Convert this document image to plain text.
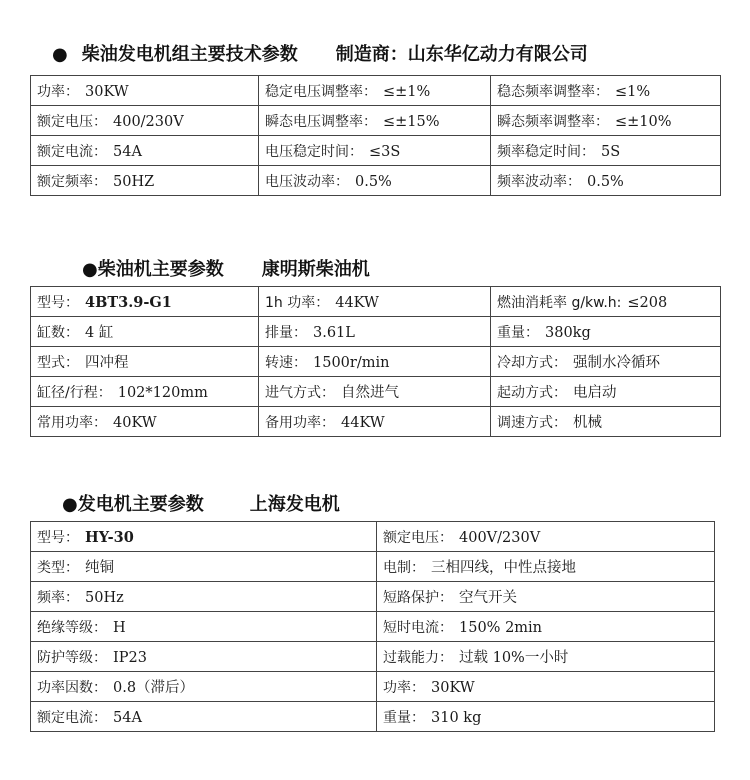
● 柴油发电机组主要技术参数 制造商：山东华亿动力有限公司
功率： 30KW	稳定电压调整率： ≤±1%	稳态频率调整率： ≤1%
额定电压： 400/230V	瞬态电压调整率： ≤±15%	瞬态频率调整率： ≤±10%
额定电流： 54A	电压稳定时间： ≤3S	频率稳定时间： 5S
额定频率： 50HZ	电压波动率： 0.5%	频率波动率： 0.5%
●柴油机主要参数 康明斯柴油机
型号： 4BT3.9-G1	1h 功率： 44KW	燃油消耗率 g/kw.h: ≤208
缸数： 4 缸	排量： 3.61L	重量： 380kg
型式： 四冲程	转速： 1500r/min	冷却方式： 强制水冷循环
缸径/行程： 102*120mm	进气方式： 自然进气	起动方式： 电启动
常用功率： 40KW	备用功率： 44KW	调速方式： 机械
●发电机主要参数	上海发电机
型号： HY-30	额定电压： 400V/230V
类型： 纯铜	电制： 三相四线，中性点接地
频率： 50Hz	短路保护： 空气开关
绝缘等级： H	短时电流： 150% 2min
防护等级： IP23	过载能力： 过载 10%一小时
功率因数： 0.8（滞后）	功率： 30KW
额定电流： 54A	重量： 310 kg
